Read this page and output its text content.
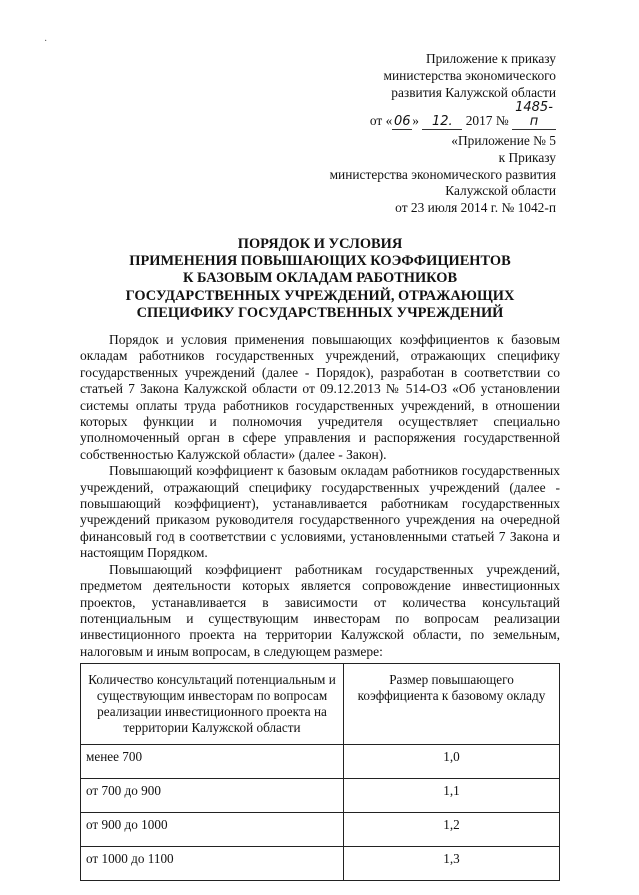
·
Приложение к приказу
министерства экономического
развития Калужской области
от « 06 » 12. 2017 № 1485-п
«Приложение № 5
к Приказу
министерства экономического развития
Калужской области
от 23 июля 2014 г. № 1042-п
ПОРЯДОК И УСЛОВИЯ
ПРИМЕНЕНИЯ ПОВЫШАЮЩИХ КОЭФФИЦИЕНТОВ
К БАЗОВЫМ ОКЛАДАМ РАБОТНИКОВ
ГОСУДАРСТВЕННЫХ УЧРЕЖДЕНИЙ, ОТРАЖАЮЩИХ
СПЕЦИФИКУ ГОСУДАРСТВЕННЫХ УЧРЕЖДЕНИЙ

Порядок и условия применения повышающих коэффициентов к базовым окладам работников государственных учреждений, отражающих специфику государственных учреждений (далее - Порядок), разработан в соответствии со статьей 7 Закона Калужской области от 09.12.2013 № 514-ОЗ «Об установлении системы оплаты труда работников государственных учреждений, в отношении которых функции и полномочия учредителя осуществляет специально уполномоченный орган в сфере управления и распоряжения государственной собственностью Калужской области» (далее - Закон).

Повышающий коэффициент к базовым окладам работников государственных учреждений, отражающий специфику государственных учреждений (далее - повышающий коэффициент), устанавливается работникам государственных учреждений приказом руководителя государственного учреждения на очередной финансовый год в соответствии с условиями, установленными статьей 7 Закона и настоящим Порядком.

Повышающий коэффициент работникам государственных учреждений, предметом деятельности которых является сопровождение инвестиционных проектов, устанавливается в зависимости от количества консультаций потенциальным и существующим инвесторам по вопросам реализации инвестиционного проекта на территории Калужской области, по земельным, налоговым и иным вопросам, в следующем размере:

Количество консультаций потенциальным и существующим инвесторам по вопросам реализации инвестиционного проекта на территории Калужской области	Размер повышающего коэффициента к базовому окладу
менее 700	1,0
от 700 до 900	1,1
от 900 до 1000	1,2
от 1000 до 1100	1,3
